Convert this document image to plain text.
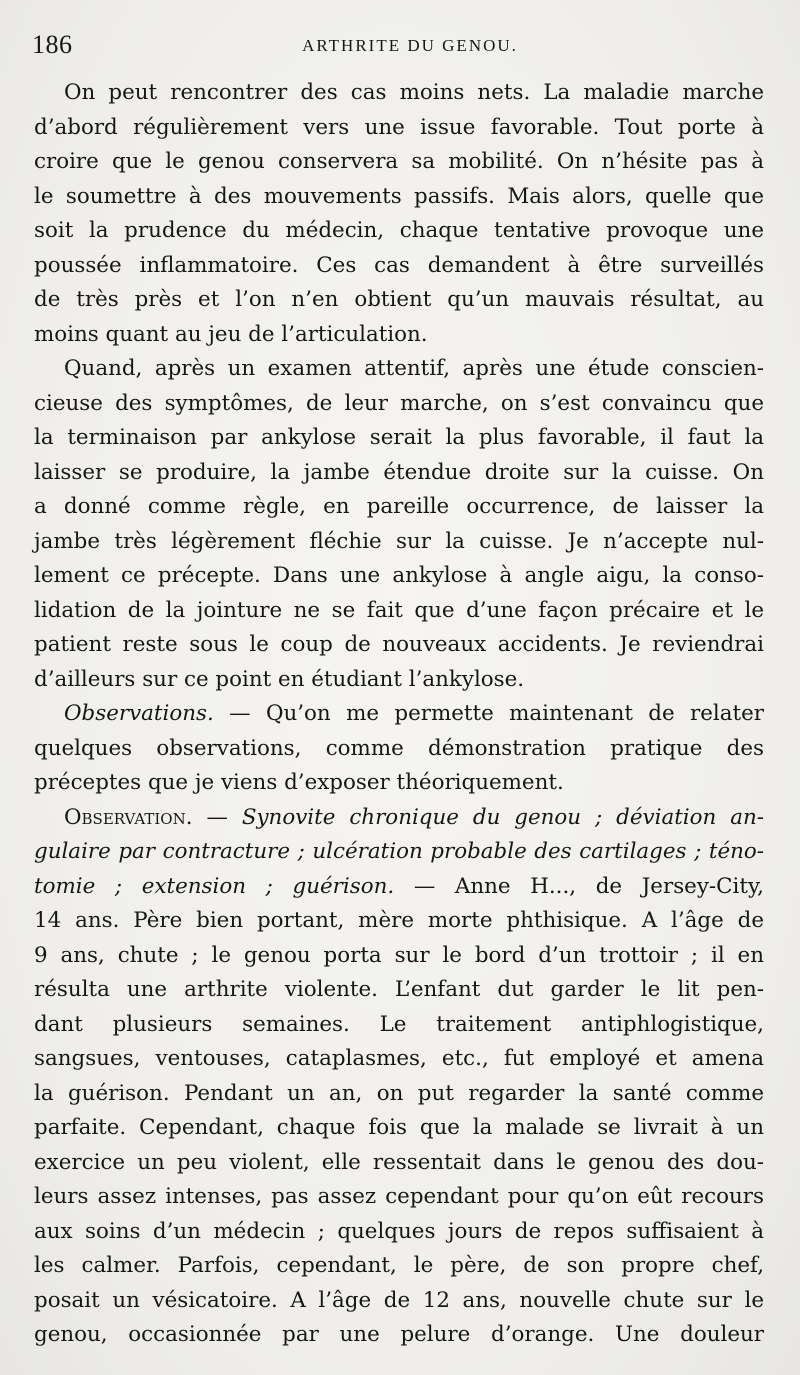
186	ARTHRITE DU GENOU.
On peut rencontrer des cas moins nets. La maladie marche
d’abord régulièrement vers une issue favorable. Tout porte à
croire que le genou conservera sa mobilité. On n’hésite pas à
le soumettre à des mouvements passifs. Mais alors, quelle que
soit la prudence du médecin, chaque tentative provoque une
poussée inflammatoire. Ces cas demandent à être surveillés
de très près et l’on n’en obtient qu’un mauvais résultat, au
moins quant au jeu de l’articulation.
Quand, après un examen attentif, après une étude conscien-
cieuse des symptômes, de leur marche, on s’est convaincu que
la terminaison par ankylose serait la plus favorable, il faut la
laisser se produire, la jambe étendue droite sur la cuisse. On
a donné comme règle, en pareille occurrence, de laisser la
jambe très légèrement fléchie sur la cuisse. Je n’accepte nul-
lement ce précepte. Dans une ankylose à angle aigu, la conso-
lidation de la jointure ne se fait que d’une façon précaire et le
patient reste sous le coup de nouveaux accidents. Je reviendrai
d’ailleurs sur ce point en étudiant l’ankylose.
Observations. — Qu’on me permette maintenant de relater
quelques observations, comme démonstration pratique des
préceptes que je viens d’exposer théoriquement.
Observation. — Synovite chronique du genou ; déviation an-
gulaire par contracture ; ulcération probable des cartilages ; téno-
tomie ; extension ; guérison. — Anne H..., de Jersey-City,
14 ans. Père bien portant, mère morte phthisique. A l’âge de
9 ans, chute ; le genou porta sur le bord d’un trottoir ; il en
résulta une arthrite violente. L’enfant dut garder le lit pen-
dant plusieurs semaines. Le traitement antiphlogistique,
sangsues, ventouses, cataplasmes, etc., fut employé et amena
la guérison. Pendant un an, on put regarder la santé comme
parfaite. Cependant, chaque fois que la malade se livrait à un
exercice un peu violent, elle ressentait dans le genou des dou-
leurs assez intenses, pas assez cependant pour qu’on eût recours
aux soins d’un médecin ; quelques jours de repos suffisaient à
les calmer. Parfois, cependant, le père, de son propre chef,
posait un vésicatoire. A l’âge de 12 ans, nouvelle chute sur le
genou, occasionnée par une pelure d’orange. Une douleur
